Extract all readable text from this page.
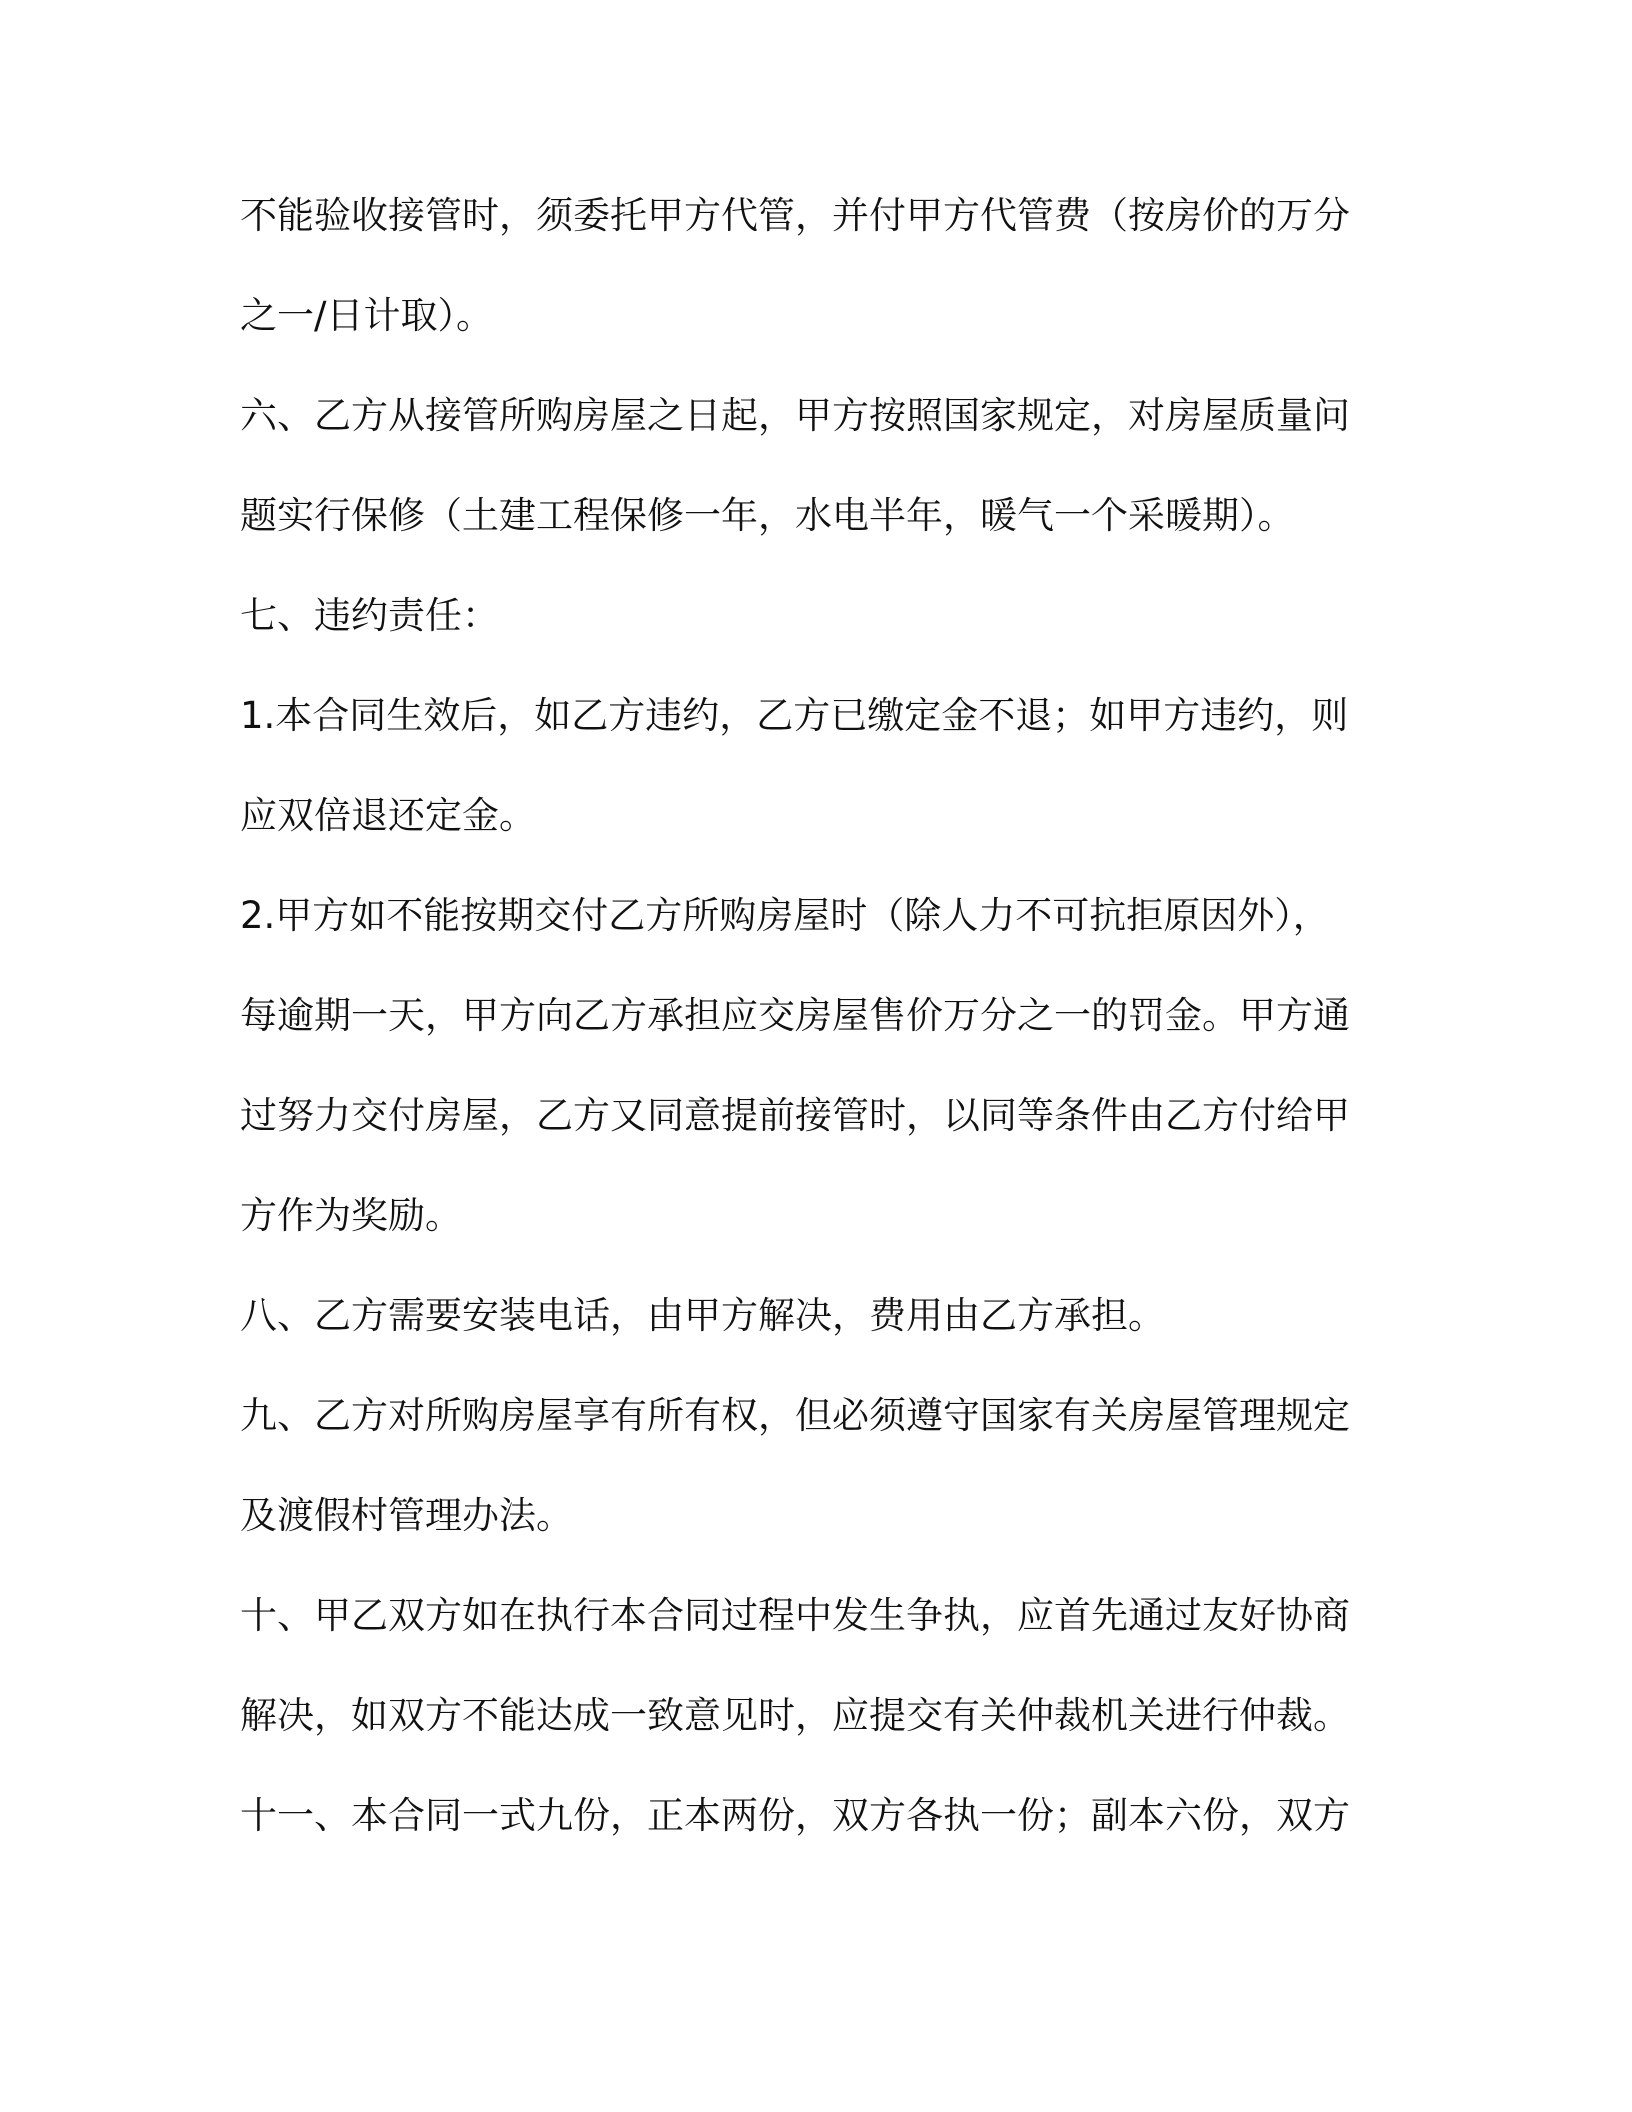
不能验收接管时，须委托甲方代管，并付甲方代管费（按房价的万分
之一/日计取）。
六、乙方从接管所购房屋之日起，甲方按照国家规定，对房屋质量问
题实行保修（土建工程保修一年，水电半年，暖气一个采暖期）。
七、违约责任：
1.本合同生效后，如乙方违约，乙方已缴定金不退；如甲方违约，则
应双倍退还定金。
2.甲方如不能按期交付乙方所购房屋时（除人力不可抗拒原因外），
每逾期一天，甲方向乙方承担应交房屋售价万分之一的罚金。甲方通
过努力交付房屋，乙方又同意提前接管时，以同等条件由乙方付给甲
方作为奖励。
八、乙方需要安装电话，由甲方解决，费用由乙方承担。
九、乙方对所购房屋享有所有权，但必须遵守国家有关房屋管理规定
及渡假村管理办法。
十、甲乙双方如在执行本合同过程中发生争执，应首先通过友好协商
解决，如双方不能达成一致意见时，应提交有关仲裁机关进行仲裁。
十一、本合同一式九份，正本两份，双方各执一份；副本六份，双方
